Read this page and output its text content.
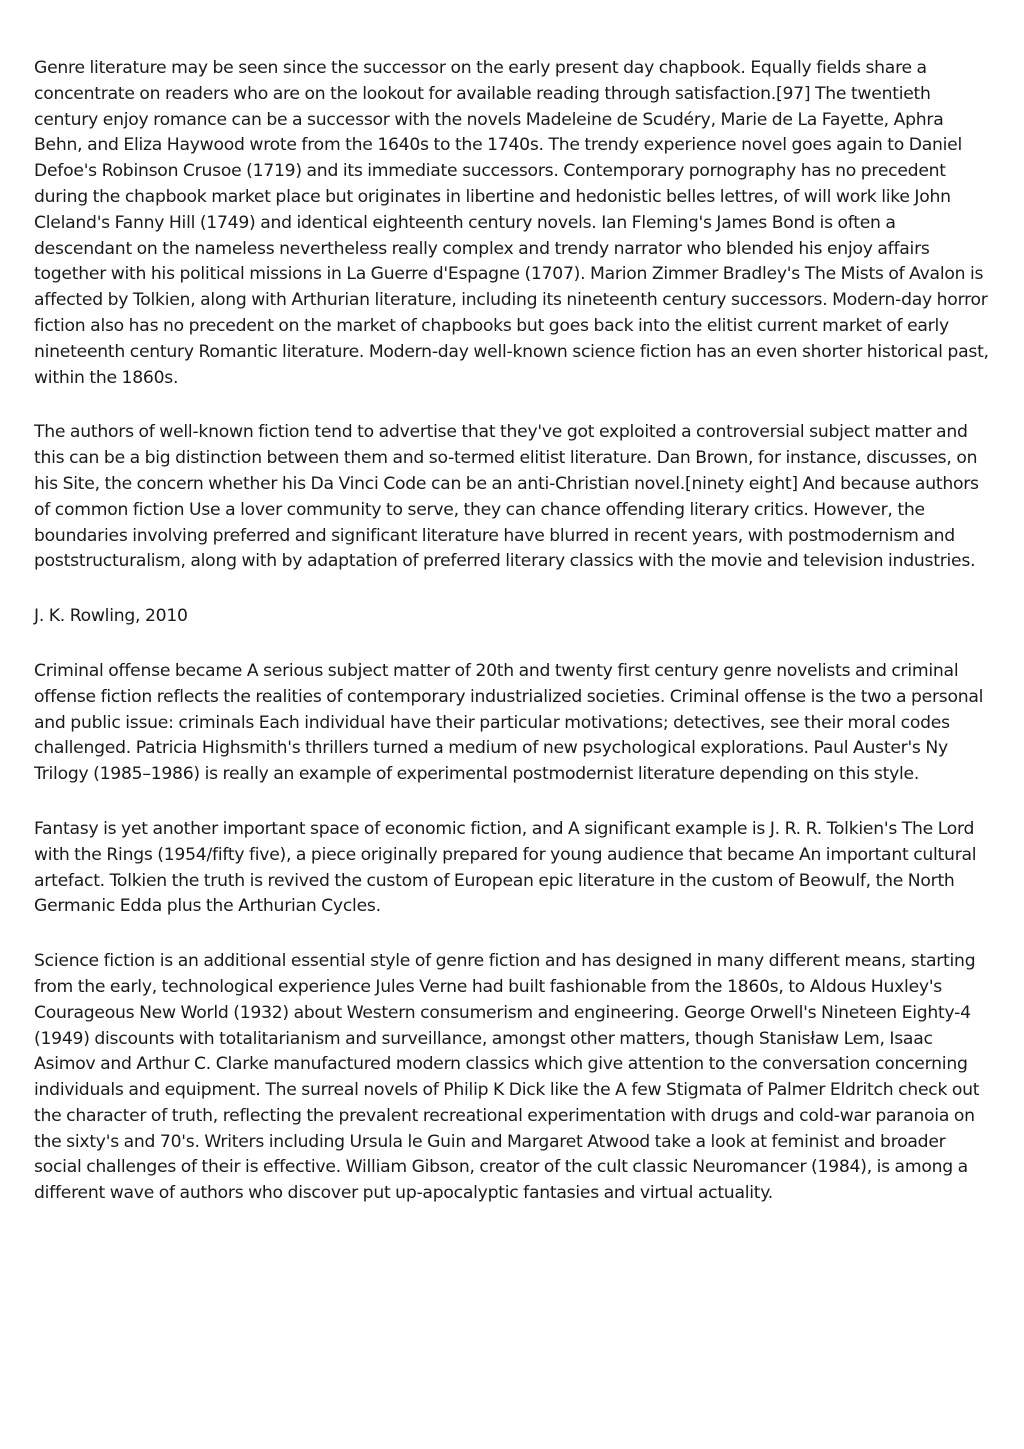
Genre literature may be seen since the successor on the early present day chapbook. Equally fields share a concentrate on readers who are on the lookout for available reading through satisfaction.[97] The twentieth century enjoy romance can be a successor with the novels Madeleine de Scudéry, Marie de La Fayette, Aphra Behn, and Eliza Haywood wrote from the 1640s to the 1740s. The trendy experience novel goes again to Daniel Defoe's Robinson Crusoe (1719) and its immediate successors. Contemporary pornography has no precedent during the chapbook market place but originates in libertine and hedonistic belles lettres, of will work like John Cleland's Fanny Hill (1749) and identical eighteenth century novels. Ian Fleming's James Bond is often a descendant on the nameless nevertheless really complex and trendy narrator who blended his enjoy affairs together with his political missions in La Guerre d'Espagne (1707). Marion Zimmer Bradley's The Mists of Avalon is affected by Tolkien, along with Arthurian literature, including its nineteenth century successors. Modern-day horror fiction also has no precedent on the market of chapbooks but goes back into the elitist current market of early nineteenth century Romantic literature. Modern-day well-known science fiction has an even shorter historical past, within the 1860s.

The authors of well-known fiction tend to advertise that they've got exploited a controversial subject matter and this can be a big distinction between them and so-termed elitist literature. Dan Brown, for instance, discusses, on his Site, the concern whether his Da Vinci Code can be an anti-Christian novel.[ninety eight] And because authors of common fiction Use a lover community to serve, they can chance offending literary critics. However, the boundaries involving preferred and significant literature have blurred in recent years, with postmodernism and poststructuralism, along with by adaptation of preferred literary classics with the movie and television industries.

J. K. Rowling, 2010

Criminal offense became A serious subject matter of 20th and twenty first century genre novelists and criminal offense fiction reflects the realities of contemporary industrialized societies. Criminal offense is the two a personal and public issue: criminals Each individual have their particular motivations; detectives, see their moral codes challenged. Patricia Highsmith's thrillers turned a medium of new psychological explorations. Paul Auster's Ny Trilogy (1985–1986) is really an example of experimental postmodernist literature depending on this style.

Fantasy is yet another important space of economic fiction, and A significant example is J. R. R. Tolkien's The Lord with the Rings (1954/fifty five), a piece originally prepared for young audience that became An important cultural artefact. Tolkien the truth is revived the custom of European epic literature in the custom of Beowulf, the North Germanic Edda plus the Arthurian Cycles.

Science fiction is an additional essential style of genre fiction and has designed in many different means, starting from the early, technological experience Jules Verne had built fashionable from the 1860s, to Aldous Huxley's Courageous New World (1932) about Western consumerism and engineering. George Orwell's Nineteen Eighty-4 (1949) discounts with totalitarianism and surveillance, amongst other matters, though Stanisław Lem, Isaac Asimov and Arthur C. Clarke manufactured modern classics which give attention to the conversation concerning individuals and equipment. The surreal novels of Philip K Dick like the A few Stigmata of Palmer Eldritch check out the character of truth, reflecting the prevalent recreational experimentation with drugs and cold-war paranoia on the sixty's and 70's. Writers including Ursula le Guin and Margaret Atwood take a look at feminist and broader social challenges of their is effective. William Gibson, creator of the cult classic Neuromancer (1984), is among a different wave of authors who discover put up-apocalyptic fantasies and virtual actuality.
